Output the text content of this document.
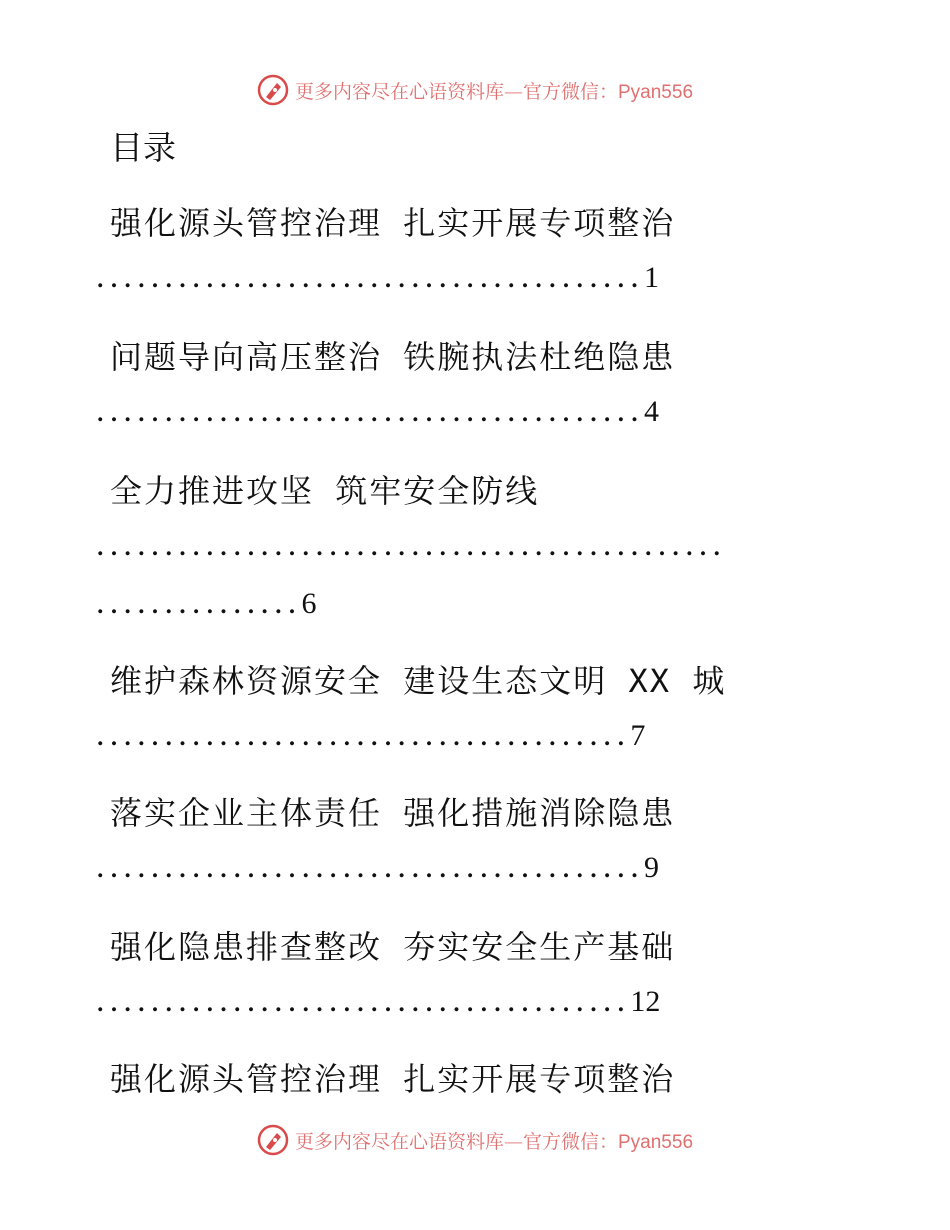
更多内容尽在心语资料库—官方微信：Pyan556
目录
强化源头管控治理 扎实开展专项整治
........................................1
问题导向高压整治 铁腕执法杜绝隐患
........................................4
全力推进攻坚 筑牢安全防线
..............................................
...............6
维护森林资源安全 建设生态文明 XX 城
.......................................7
落实企业主体责任 强化措施消除隐患
........................................9
强化隐患排查整改 夯实安全生产基础
.......................................12
强化源头管控治理 扎实开展专项整治
更多内容尽在心语资料库—官方微信：Pyan556
